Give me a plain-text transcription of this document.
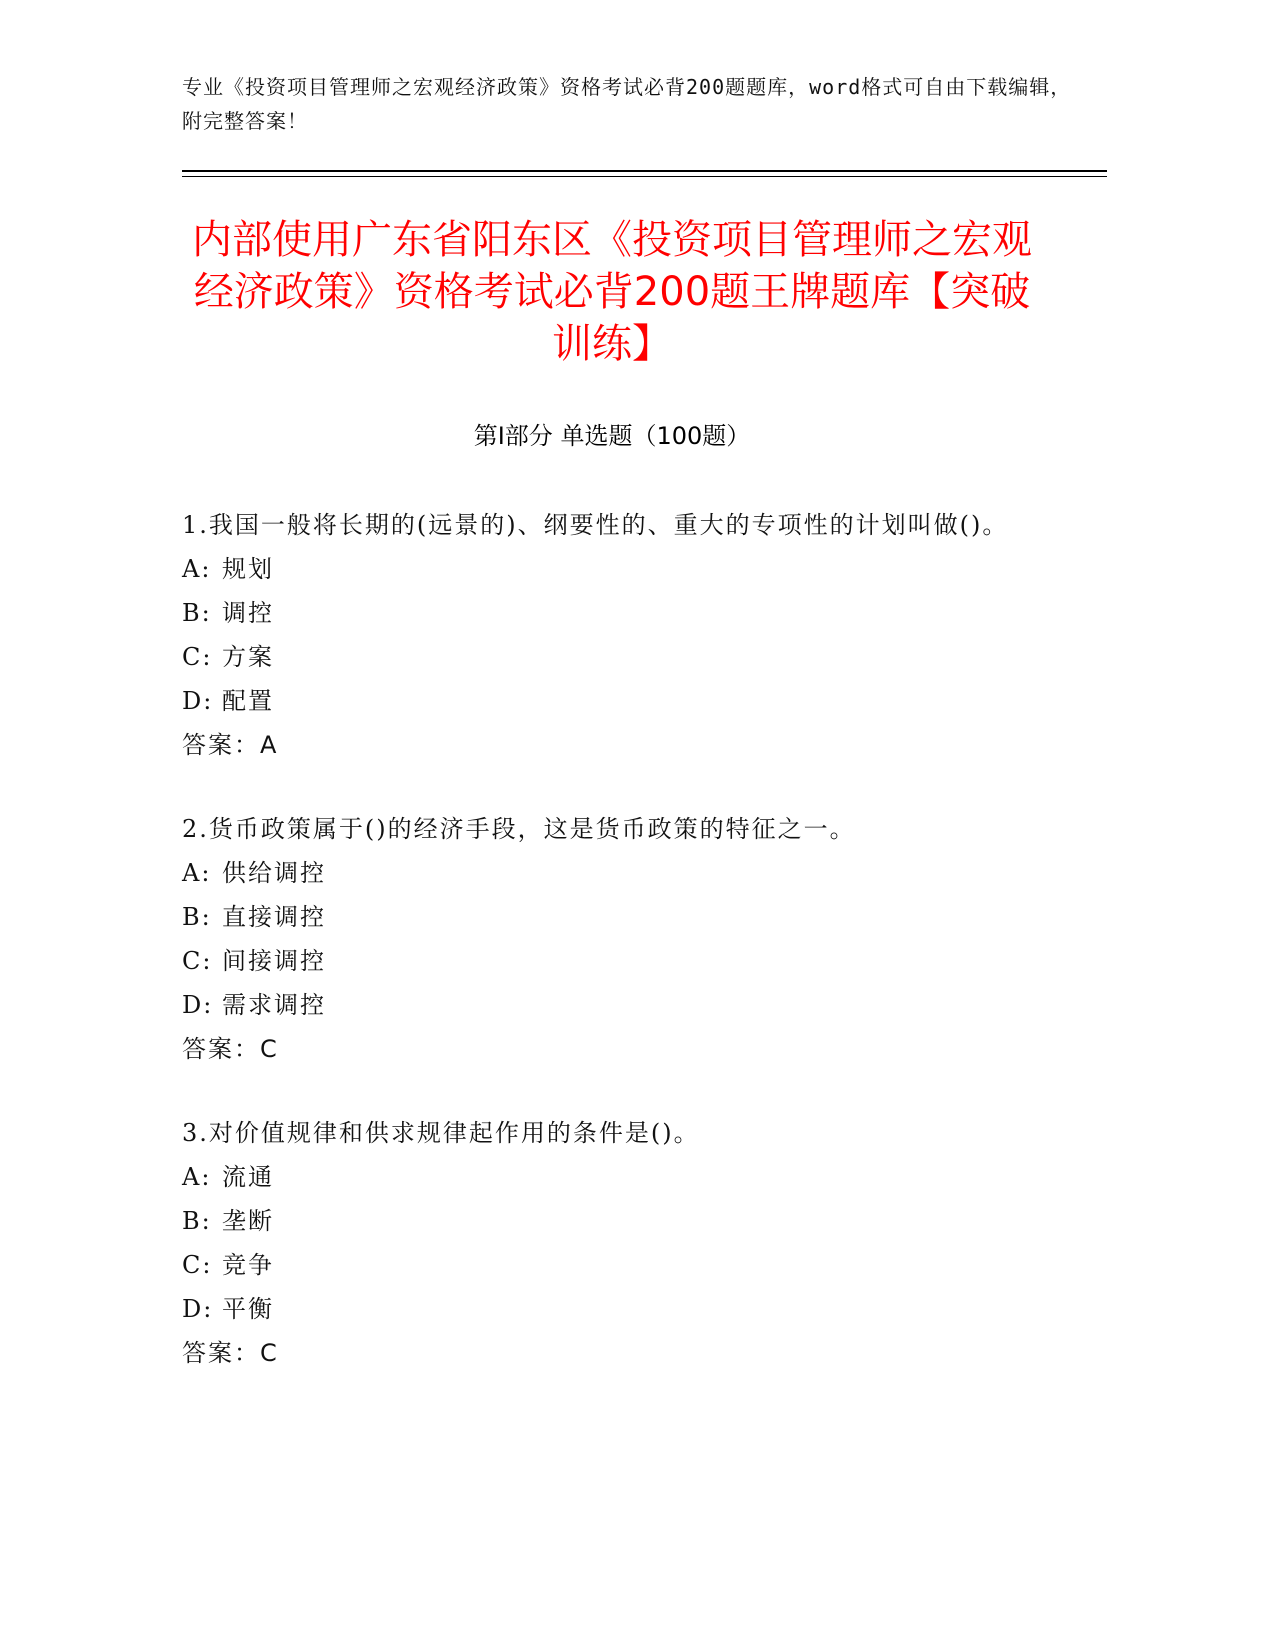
专业《投资项目管理师之宏观经济政策》资格考试必背200题题库，word格式可自由下载编辑，附完整答案！
内部使用广东省阳东区《投资项目管理师之宏观经济政策》资格考试必背200题王牌题库【突破训练】
第I部分 单选题（100题）
1.我国一般将长期的(远景的)、纲要性的、重大的专项性的计划叫做()。
A: 规划
B: 调控
C: 方案
D: 配置
答案：A
2.货币政策属于()的经济手段，这是货币政策的特征之一。
A: 供给调控
B: 直接调控
C: 间接调控
D: 需求调控
答案：C
3.对价值规律和供求规律起作用的条件是()。
A: 流通
B: 垄断
C: 竞争
D: 平衡
答案：C
